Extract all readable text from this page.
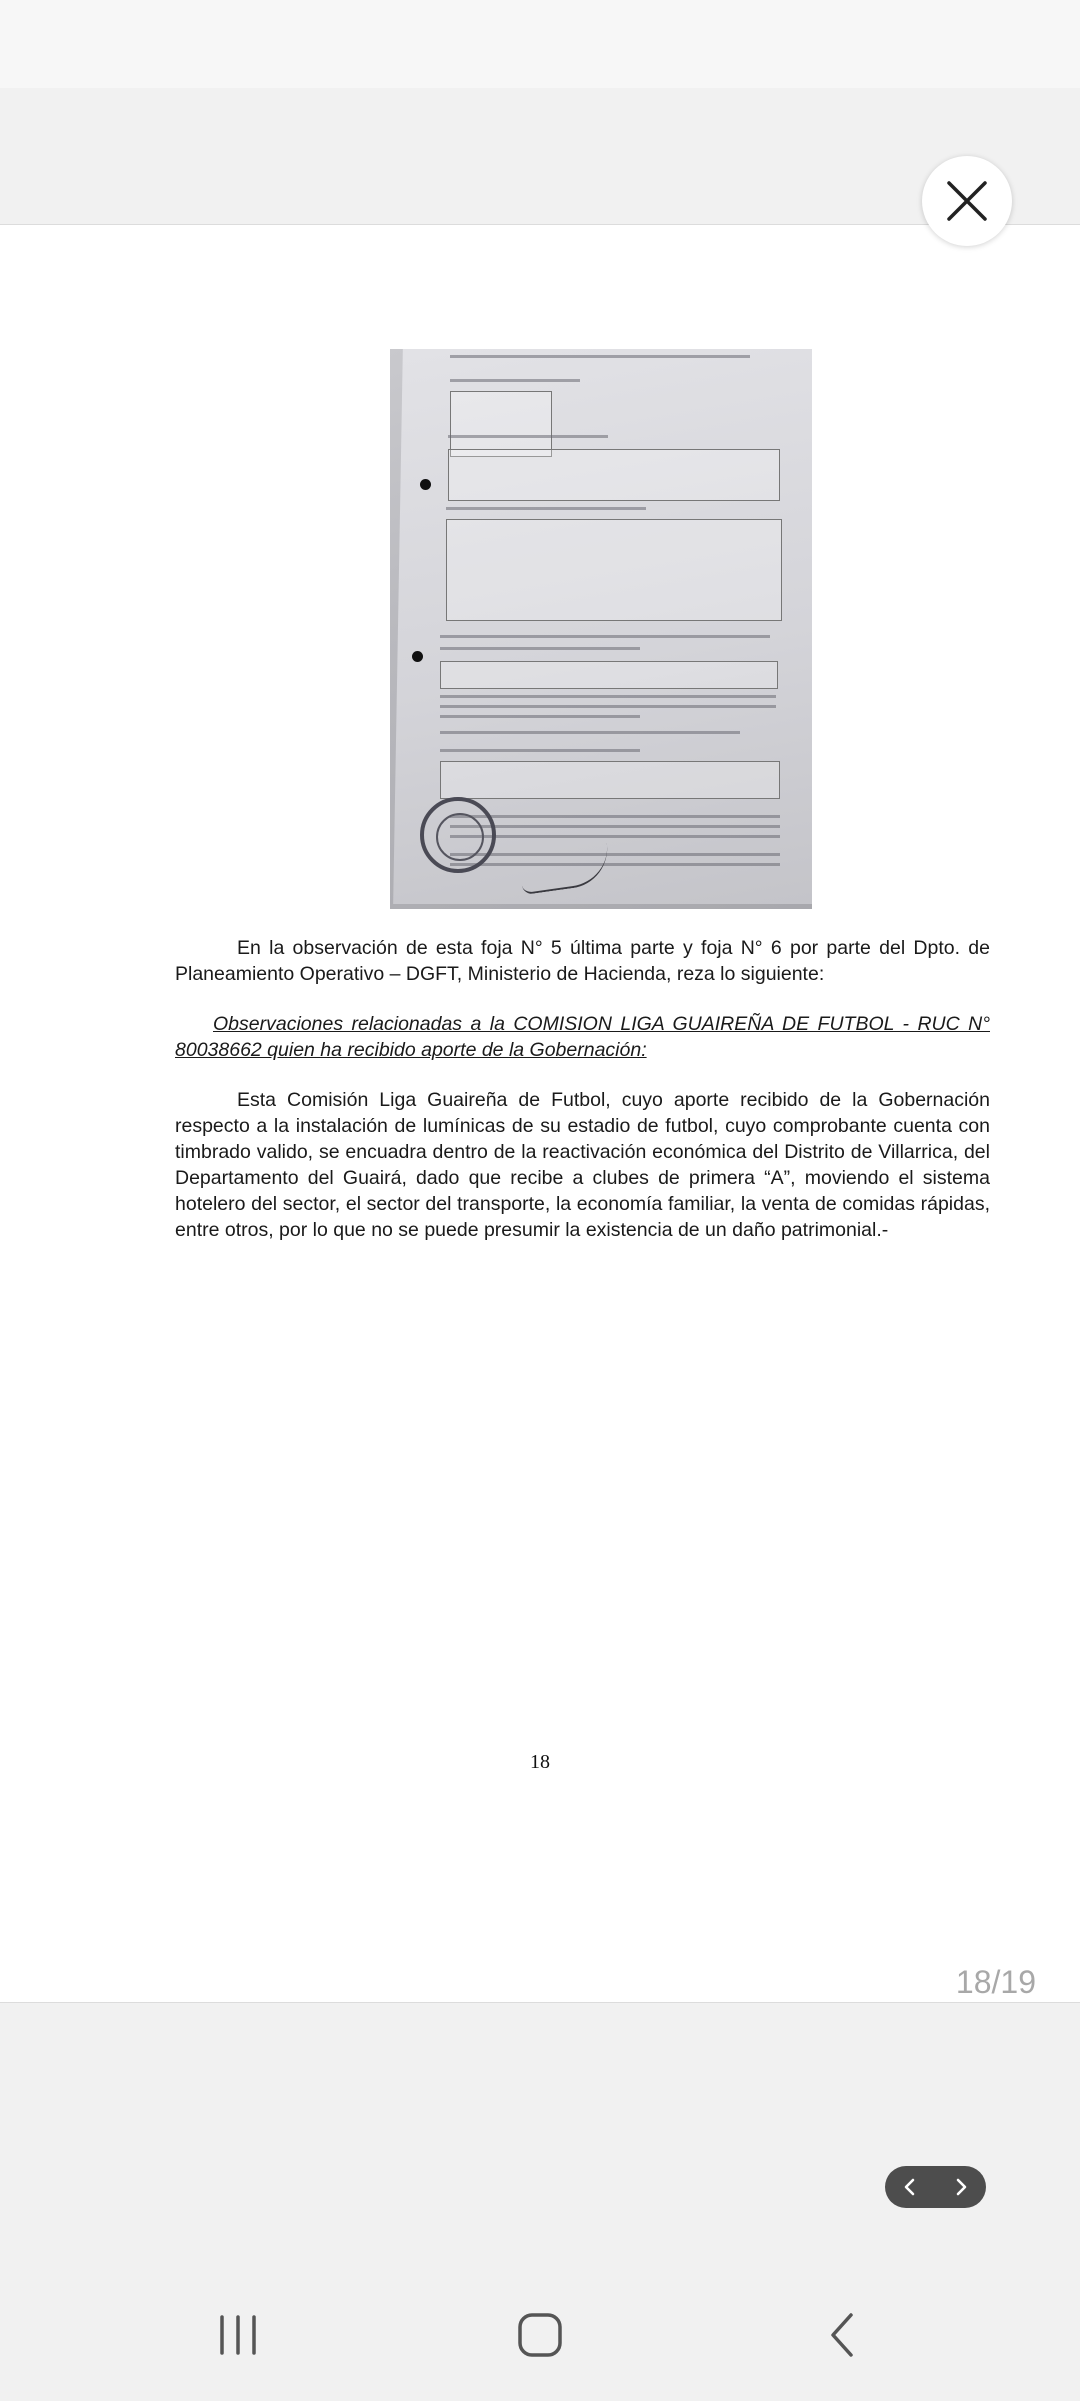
En la observación de esta foja N° 5 última parte y foja N° 6 por parte del Dpto. de Planeamiento Operativo – DGFT, Ministerio de Hacienda, reza lo siguiente:
Observaciones relacionadas a la COMISION LIGA GUAIREÑA DE FUTBOL - RUC N° 80038662 quien ha recibido aporte de la Gobernación:
Esta Comisión Liga Guaireña de Futbol, cuyo aporte recibido de la Gobernación respecto a la instalación de lumínicas de su estadio de futbol, cuyo comprobante cuenta con timbrado valido, se encuadra dentro de la reactivación económica del Distrito de Villarrica, del Departamento del Guairá, dado que recibe a clubes de primera “A”, moviendo el sistema hotelero del sector, el sector del transporte, la economía familiar, la venta de comidas rápidas, entre otros, por lo que no se puede presumir la existencia de un daño patrimonial.-
18
18/19
